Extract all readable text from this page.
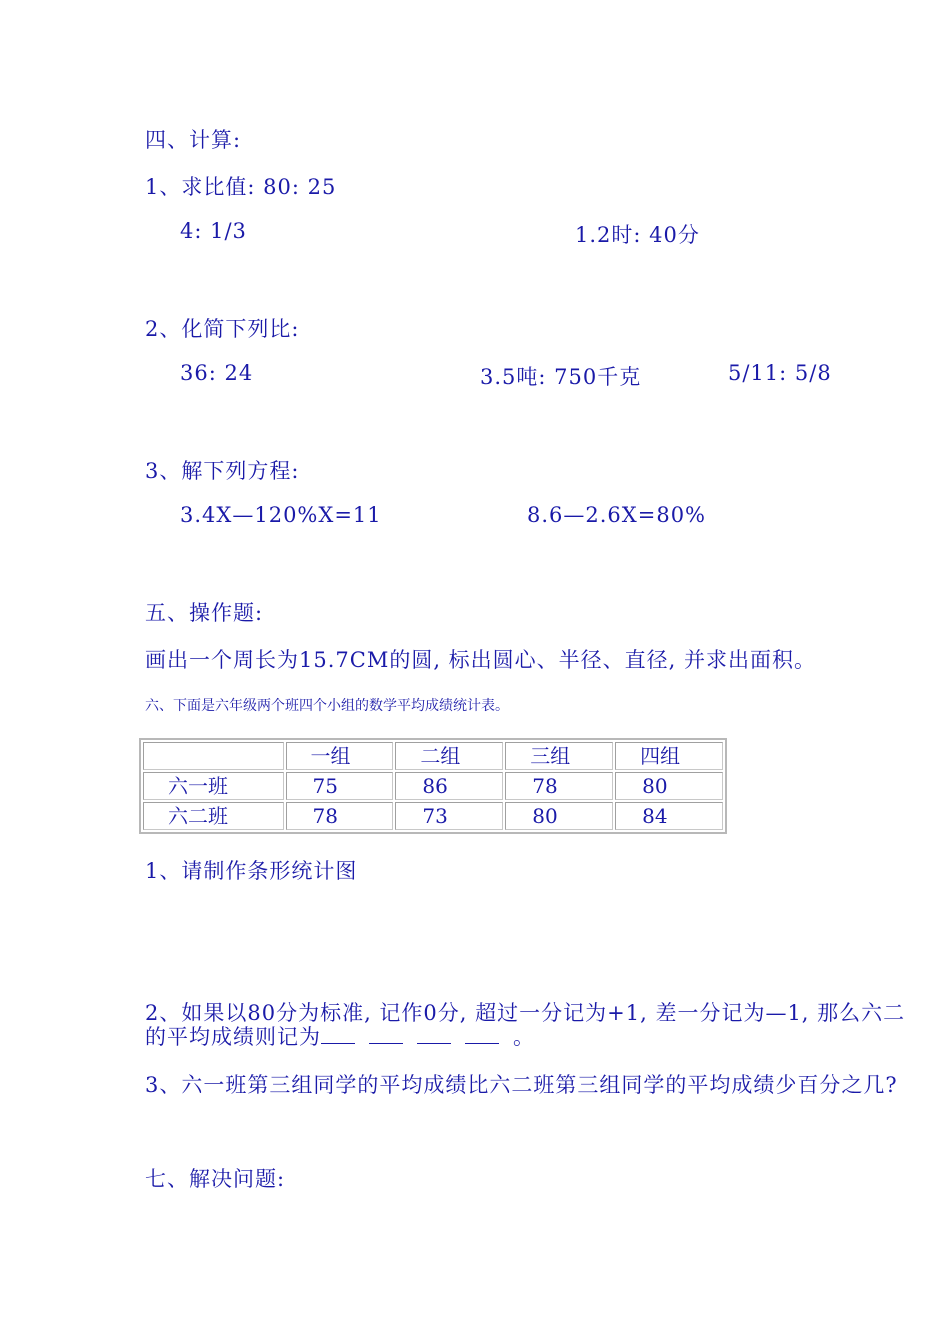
四、计算:
1、求比值: 80: 25
4: 1/3	1.2时: 40分
2、化简下列比:
36: 24	3.5吨: 750千克	5/11: 5/8
3、解下列方程:
3.4X—120%X=11	8.6—2.6X=80%
五、操作题:
画出一个周长为15.7CM的圆, 标出圆心、半径、直径, 并求出面积。
六、下面是六年级两个班四个小组的数学平均成绩统计表。
	一组	二组	三组	四组
六一班	75	86	78	80
六二班	78	73	80	84
1、请制作条形统计图
2、如果以80分为标准, 记作0分, 超过一分记为+1, 差一分记为—1, 那么六二
的平均成绩则记为	。
3、六一班第三组同学的平均成绩比六二班第三组同学的平均成绩少百分之几?
七、解决问题:
